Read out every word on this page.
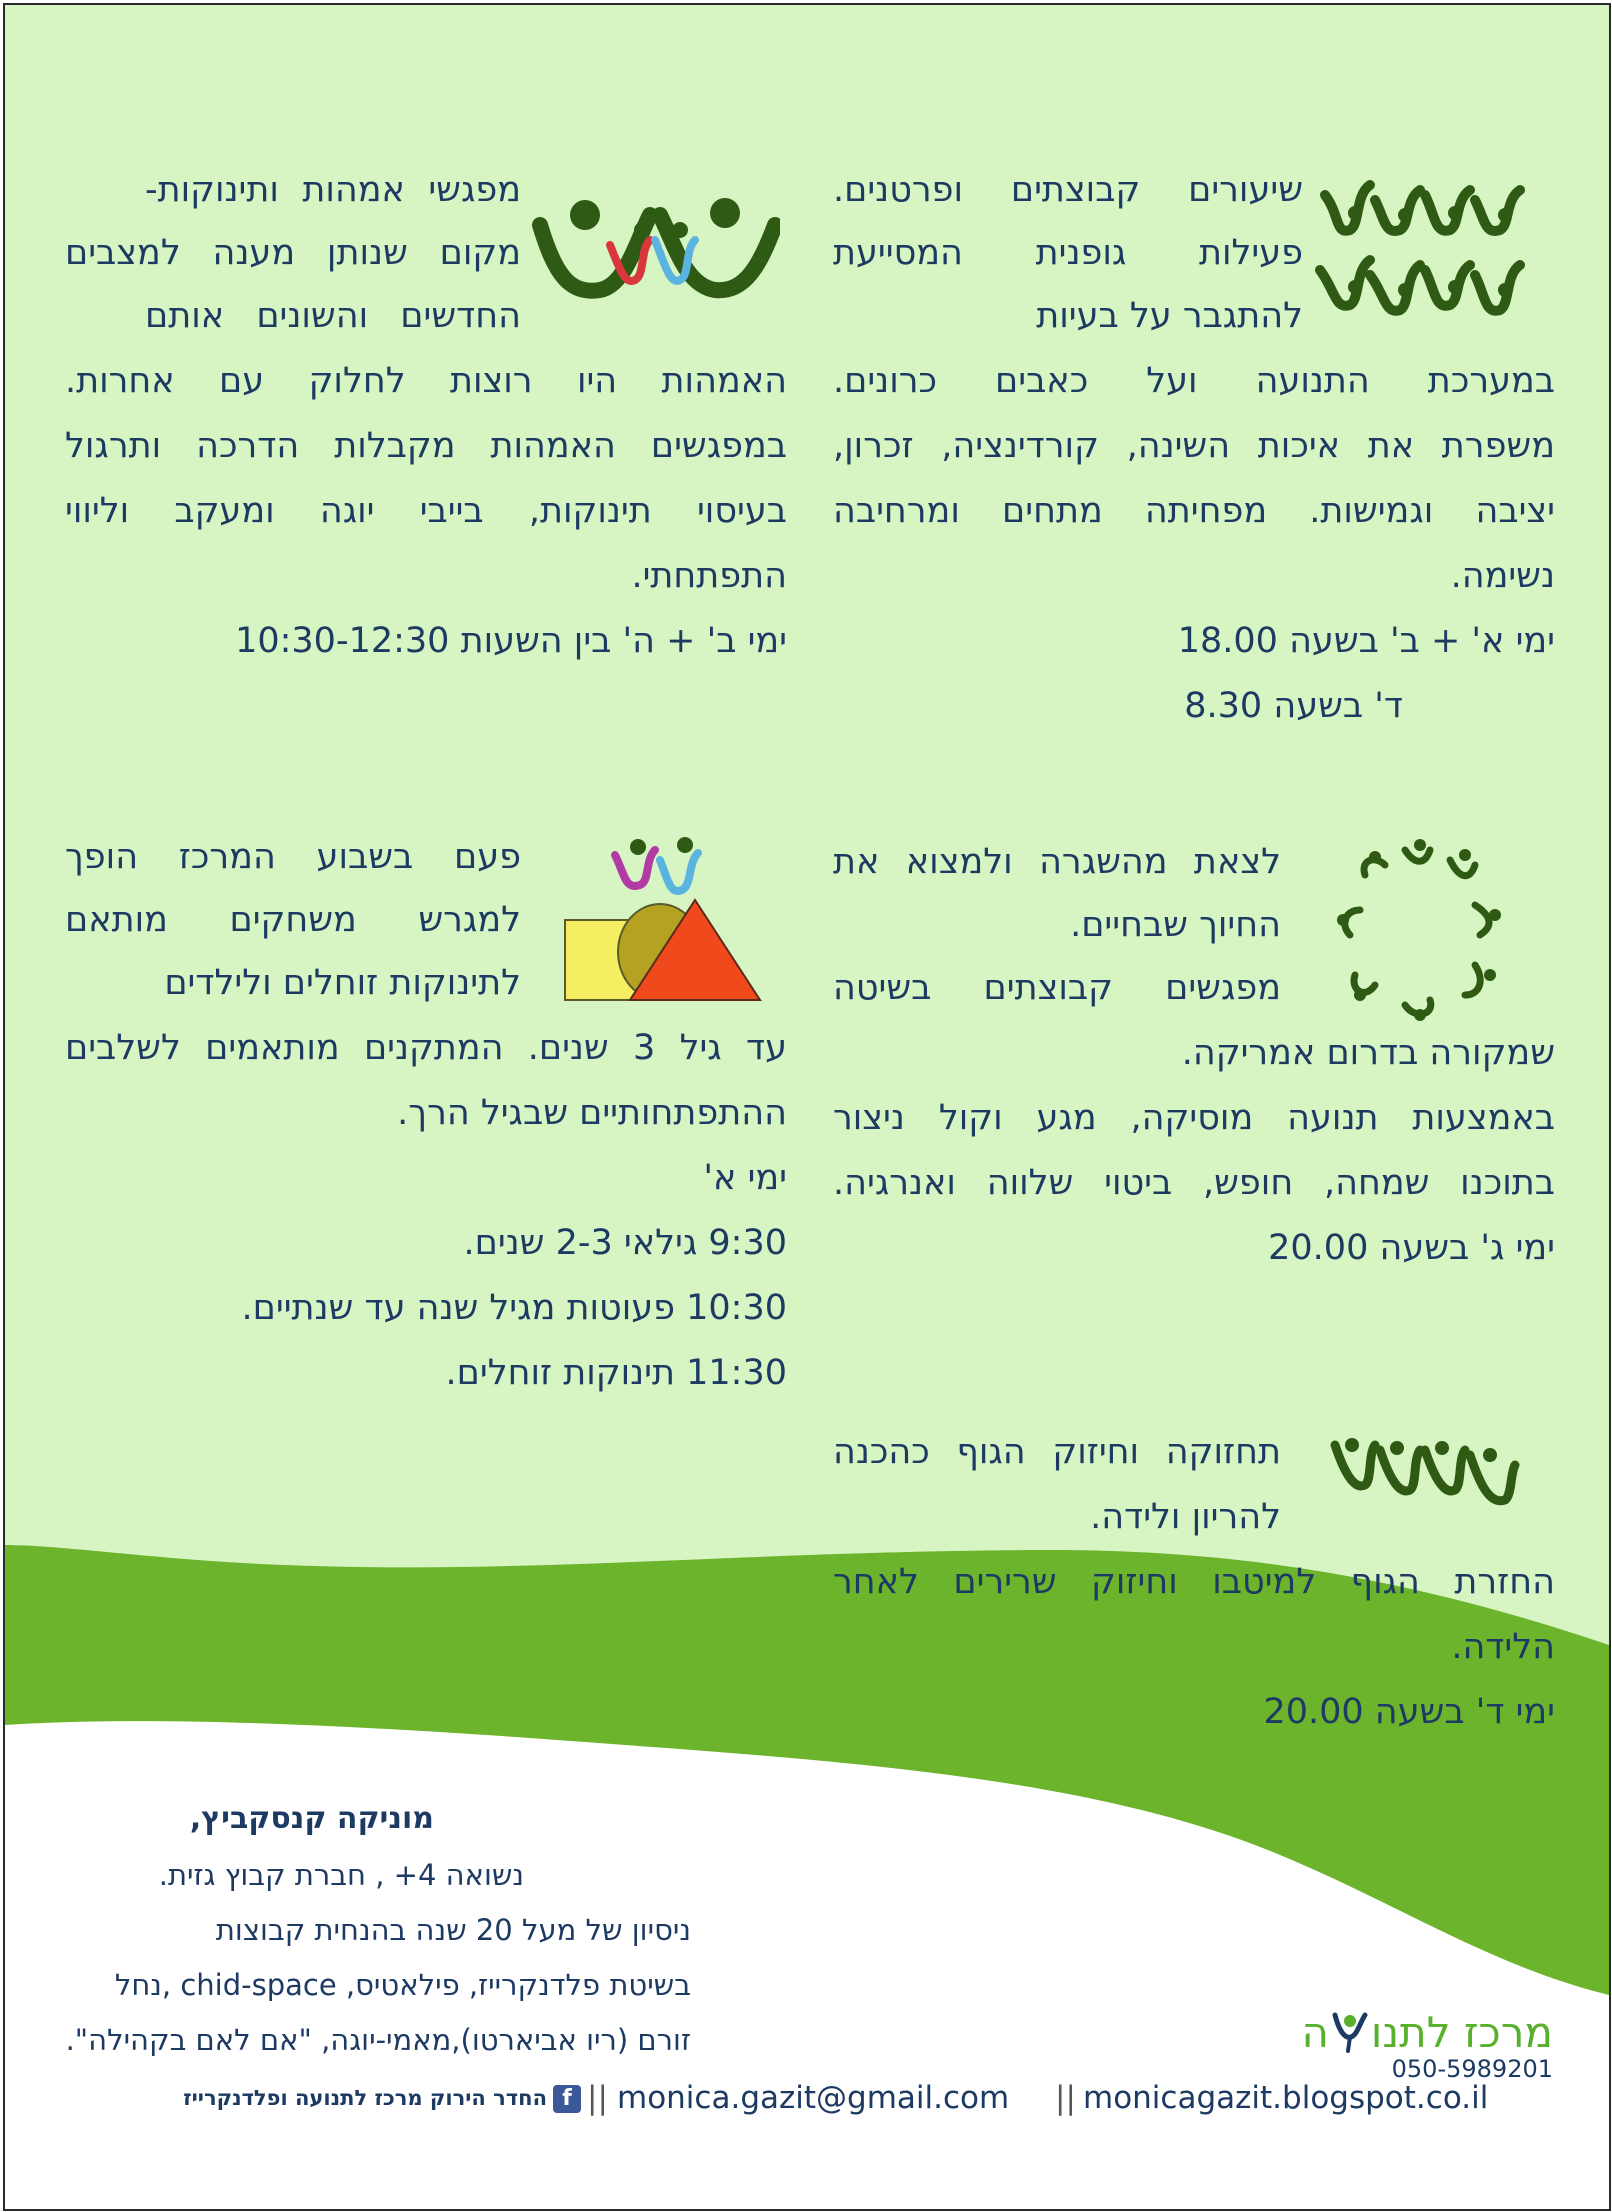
שיעורים קבוצתים ופרטנים.
פעילות גופנית המסייעת
להתגבר על בעיות
במערכת התנועה ועל כאבים כרונים.
משפרת את איכות השינה, קורדינציה, זכרון,
יציבה וגמישות. מפחיתה מתחים ומרחיבה
נשימה.
ימי א' + ב' בשעה 18.00
ד' בשעה 8.30
מפגשי אמהות ותינוקות-
מקום שנותן מענה למצבים
החדשים והשונים אותם
האמהות היו רוצות לחלוק עם אחרות.
במפגשים האמהות מקבלות הדרכה ותרגול
בעיסוי תינוקות, בייבי יוגה ומעקב וליווי
התפתחתי.
ימי ב' + ה' בין השעות 10:30-12:30
לצאת מהשגרה ולמצוא את
החיוך שבחיים.
מפגשים קבוצתים בשיטה
שמקורה בדרום אמריקה.
באמצעות תנועה מוסיקה, מגע וקול ניצור
בתוכנו שמחה, חופש, ביטוי שלווה ואנרגיה.
ימי ג' בשעה 20.00
פעם בשבוע המרכז הופך
למגרש משחקים מותאם
לתינוקות זוחלים ולילדים
עד גיל 3 שנים. המתקנים מותאמים לשלבים
ההתפתחותיים שבגיל הרך.
ימי א'
9:30 גילאי 2-3 שנים.
10:30 פעוטות מגיל שנה עד שנתיים.
11:30 תינוקות זוחלים.
תחזוקה וחיזוק הגוף כהכנה
להריון ולידה.
החזרת הגוף למיטבו וחיזוק שרירים לאחר
הלידה.
ימי ד' בשעה 20.00
מוניקה קנסקביץ,
נשואה 4+ , חברת קבוץ גזית.
ניסיון של מעל 20 שנה בהנחית קבוצות
בשיטת פלדנקרייז, פילאטיס, chid-space ,נחל
זורם (ריו אביארטו),מאמי-יוגה, "אם לאם בקהילה".	מרכז לתנוה
050-5989201
monicagazit.blogspot.co.il
||
monica.gazit@gmail.com
||
f
החדר הירוק מרכז לתנועה ופלדנקרייז
